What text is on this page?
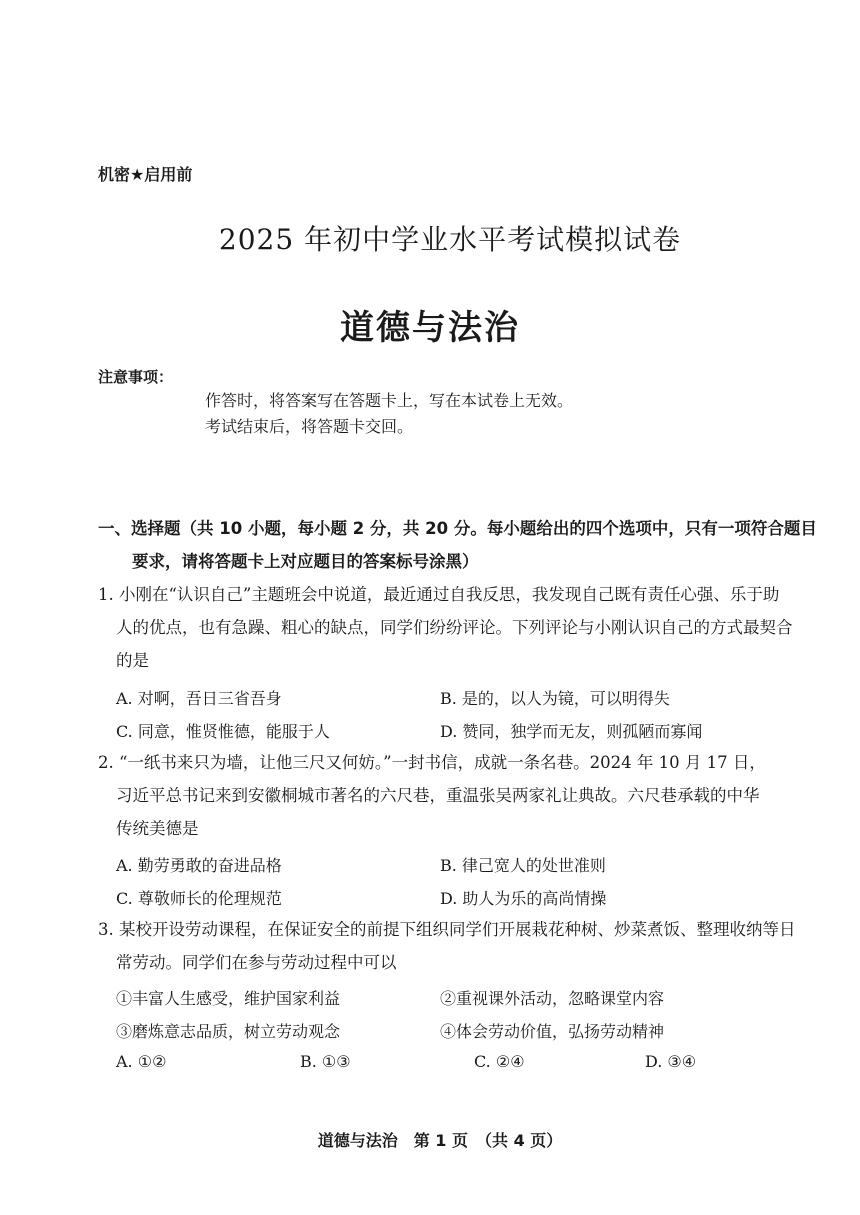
机密★启用前
2025 年初中学业水平考试模拟试卷
道德与法治
注意事项：
作答时，将答案写在答题卡上，写在本试卷上无效。
考试结束后，将答题卡交回。
一、选择题（共 10 小题，每小题 2 分，共 20 分。每小题给出的四个选项中，只有一项符合题目
要求，请将答题卡上对应题目的答案标号涂黑）
1. 小刚在“认识自己”主题班会中说道，最近通过自我反思，我发现自己既有责任心强、乐于助
人的优点，也有急躁、粗心的缺点，同学们纷纷评论。下列评论与小刚认识自己的方式最契合
的是
A. 对啊，吾日三省吾身	B. 是的，以人为镜，可以明得失
C. 同意，惟贤惟德，能服于人	D. 赞同，独学而无友，则孤陋而寡闻
2. “一纸书来只为墙，让他三尺又何妨。”一封书信，成就一条名巷。2024 年 10 月 17 日，
习近平总书记来到安徽桐城市著名的六尺巷，重温张吴两家礼让典故。六尺巷承载的中华
传统美德是
A. 勤劳勇敢的奋进品格	B. 律己宽人的处世准则
C. 尊敬师长的伦理规范	D. 助人为乐的高尚情操
3. 某校开设劳动课程，在保证安全的前提下组织同学们开展栽花种树、炒菜煮饭、整理收纳等日
常劳动。同学们在参与劳动过程中可以
①丰富人生感受，维护国家利益	②重视课外活动，忽略课堂内容
③磨炼意志品质，树立劳动观念	④体会劳动价值，弘扬劳动精神
A. ①②	B. ①③	C. ②④	D. ③④
道德与法治　第 1 页　（共 4 页）
